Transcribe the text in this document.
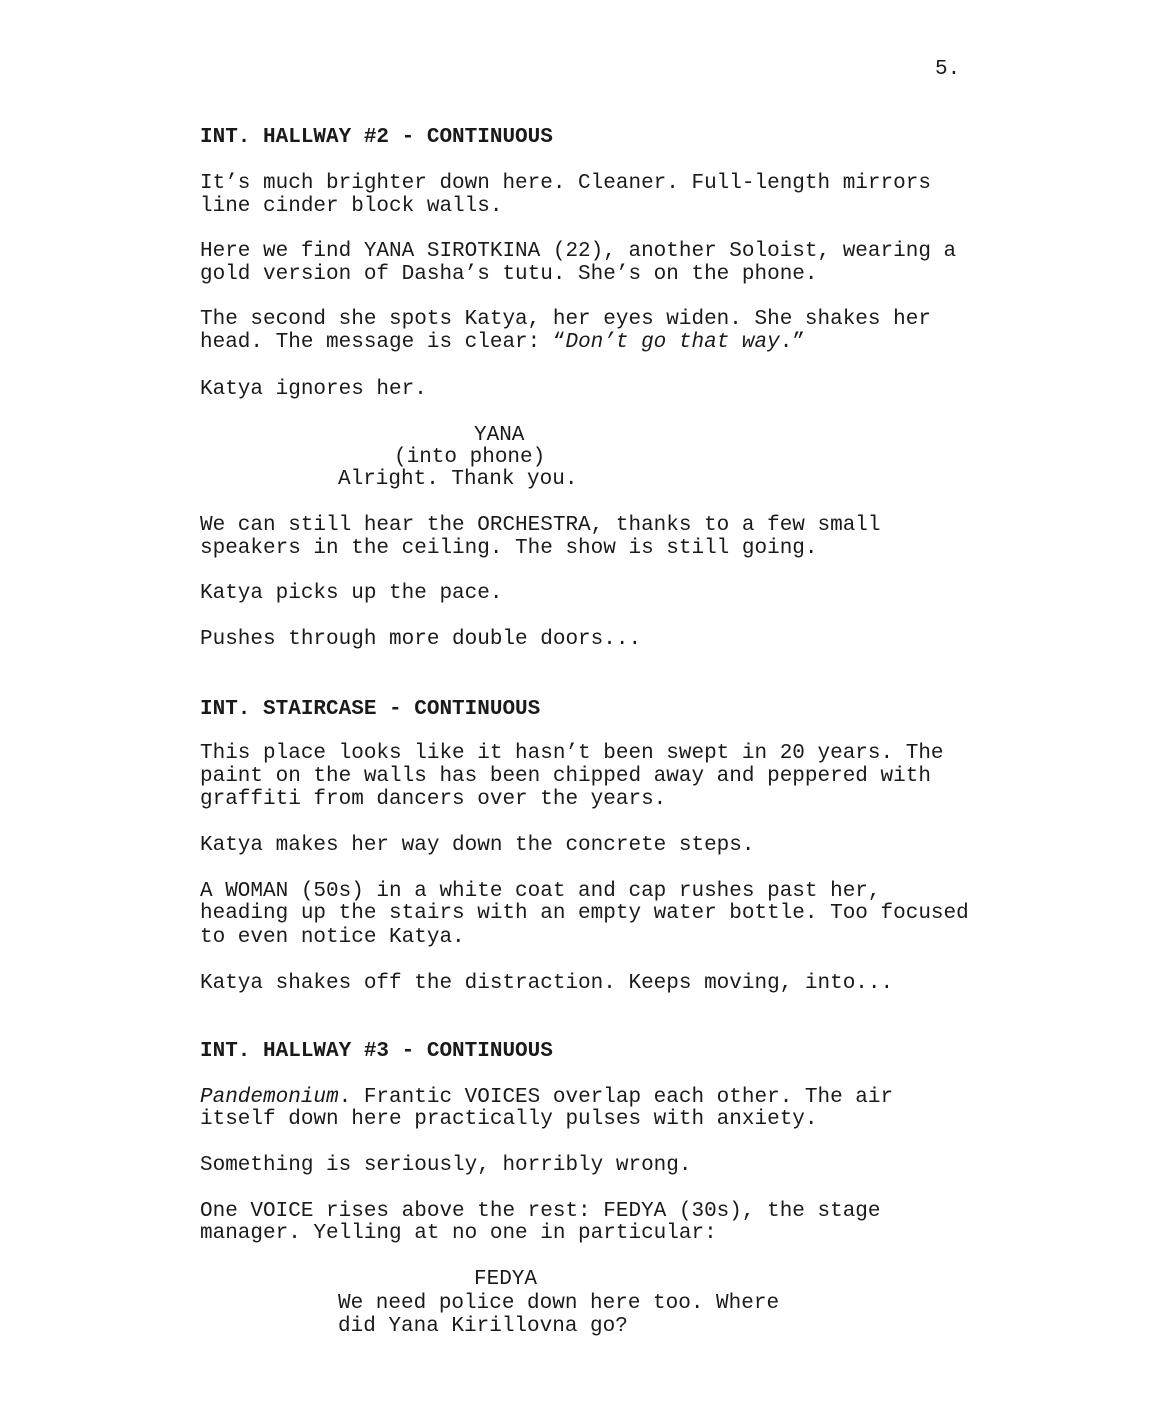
5.
INT. HALLWAY #2 - CONTINUOUS
It’s much brighter down here. Cleaner. Full-length mirrors
line cinder block walls.
Here we find YANA SIROTKINA (22), another Soloist, wearing a
gold version of Dasha’s tutu. She’s on the phone.
The second she spots Katya, her eyes widen. She shakes her
head. The message is clear: “Don’t go that way.”
Katya ignores her.
YANA
(into phone)
Alright. Thank you.
We can still hear the ORCHESTRA, thanks to a few small
speakers in the ceiling. The show is still going.
Katya picks up the pace.
Pushes through more double doors...
INT. STAIRCASE - CONTINUOUS
This place looks like it hasn’t been swept in 20 years. The
paint on the walls has been chipped away and peppered with
graffiti from dancers over the years.
Katya makes her way down the concrete steps.
A WOMAN (50s) in a white coat and cap rushes past her,
heading up the stairs with an empty water bottle. Too focused
to even notice Katya.
Katya shakes off the distraction. Keeps moving, into...
INT. HALLWAY #3 - CONTINUOUS
Pandemonium. Frantic VOICES overlap each other. The air
itself down here practically pulses with anxiety.
Something is seriously, horribly wrong.
One VOICE rises above the rest: FEDYA (30s), the stage
manager. Yelling at no one in particular:
FEDYA
We need police down here too. Where
did Yana Kirillovna go?
